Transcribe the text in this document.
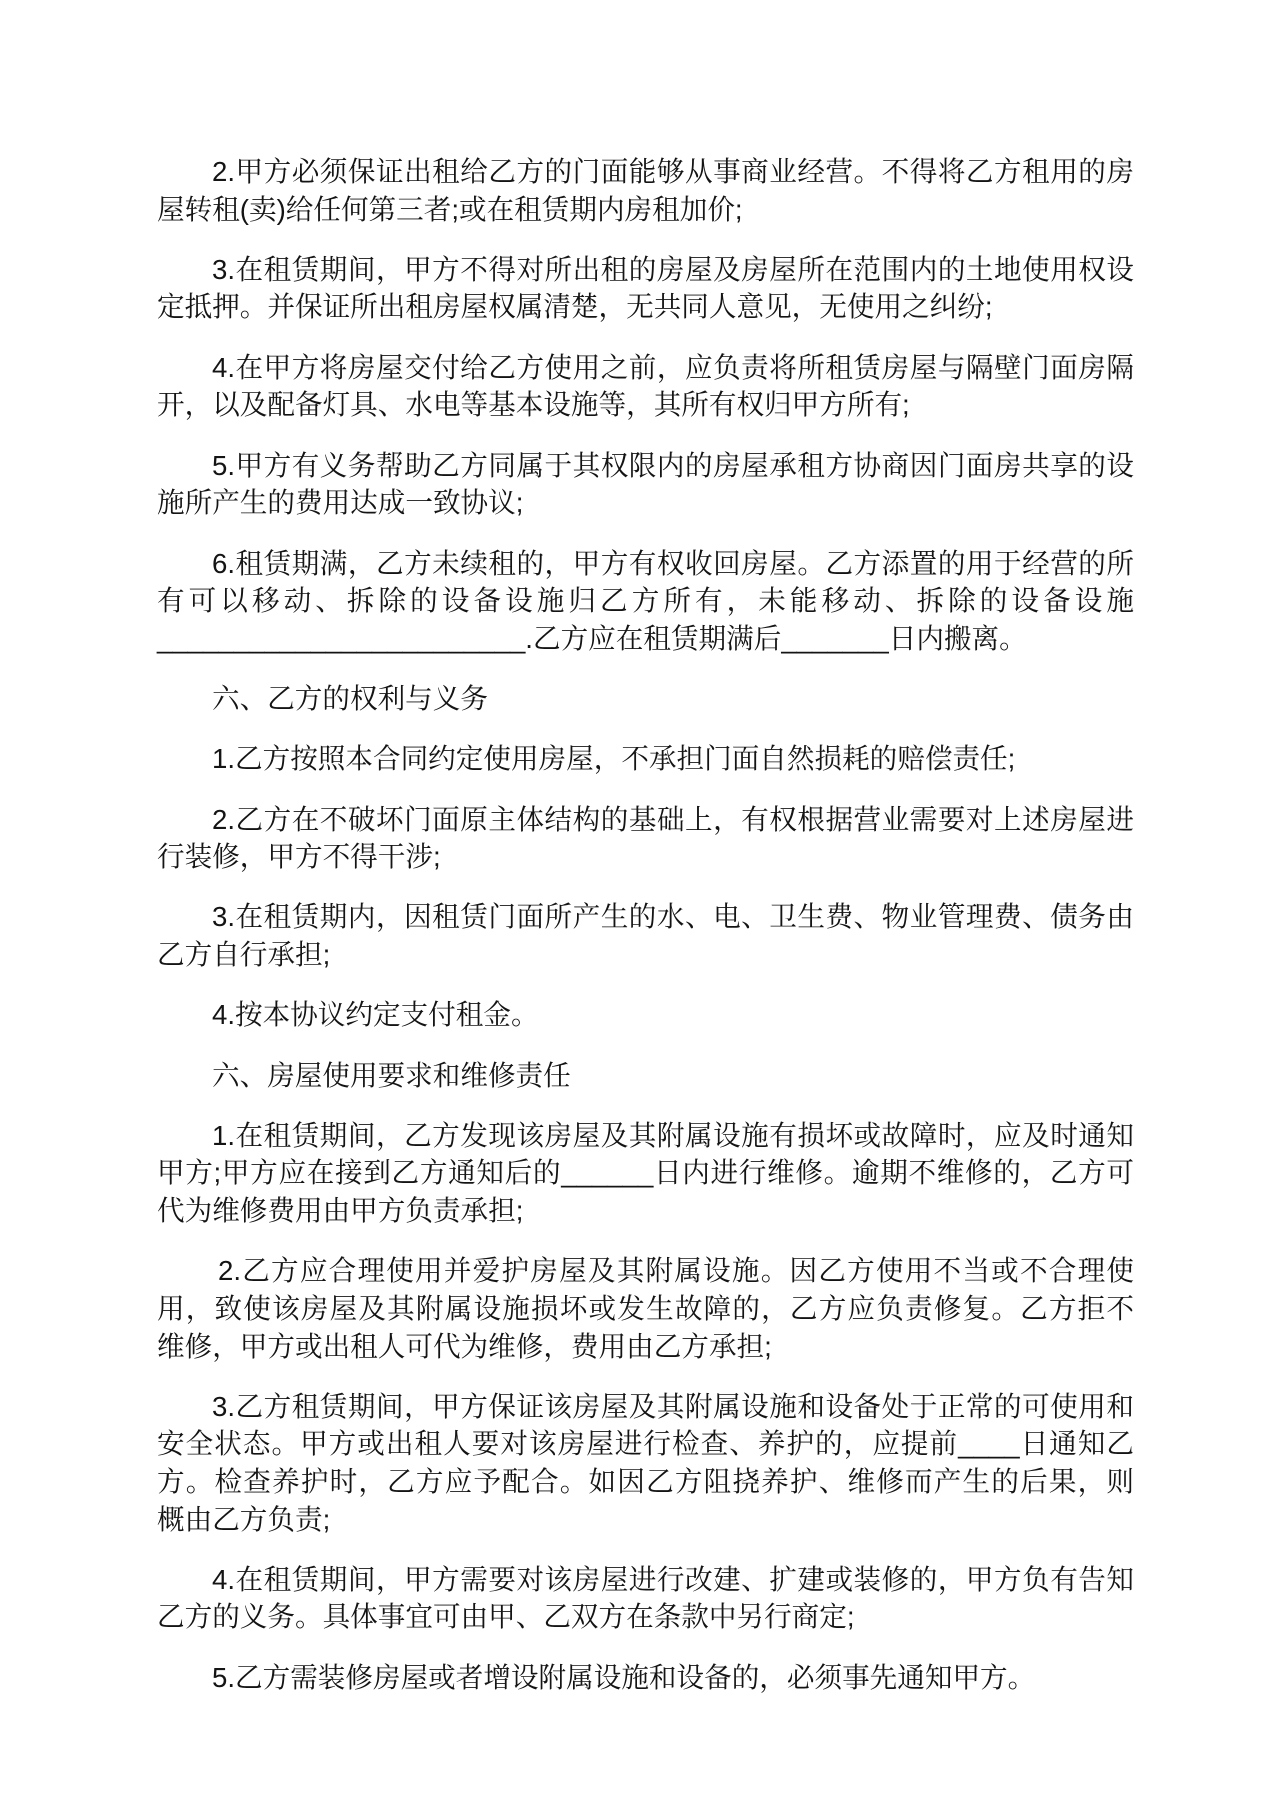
2.甲方必须保证出租给乙方的门面能够从事商业经营。不得将乙方租用的房
屋转租(卖)给任何第三者;或在租赁期内房租加价;
3.在租赁期间，甲方不得对所出租的房屋及房屋所在范围内的土地使用权设
定抵押。并保证所出租房屋权属清楚，无共同人意见，无使用之纠纷;
4.在甲方将房屋交付给乙方使用之前，应负责将所租赁房屋与隔壁门面房隔
开，以及配备灯具、水电等基本设施等，其所有权归甲方所有;
5.甲方有义务帮助乙方同属于其权限内的房屋承租方协商因门面房共享的设
施所产生的费用达成一致协议;
6.租赁期满，乙方未续租的，甲方有权收回房屋。乙方添置的用于经营的所
有可以移动、拆除的设备设施归乙方所有，未能移动、拆除的设备设施
________________________.乙方应在租赁期满后_______日内搬离。
六、乙方的权利与义务
1.乙方按照本合同约定使用房屋，不承担门面自然损耗的赔偿责任;
2.乙方在不破坏门面原主体结构的基础上，有权根据营业需要对上述房屋进
行装修，甲方不得干涉;
3.在租赁期内，因租赁门面所产生的水、电、卫生费、物业管理费、债务由
乙方自行承担;
4.按本协议约定支付租金。
六、房屋使用要求和维修责任
1.在租赁期间，乙方发现该房屋及其附属设施有损坏或故障时，应及时通知
甲方;甲方应在接到乙方通知后的______日内进行维修。逾期不维修的，乙方可
代为维修费用由甲方负责承担;
2.乙方应合理使用并爱护房屋及其附属设施。因乙方使用不当或不合理使
用，致使该房屋及其附属设施损坏或发生故障的，乙方应负责修复。乙方拒不
维修，甲方或出租人可代为维修，费用由乙方承担;
3.乙方租赁期间，甲方保证该房屋及其附属设施和设备处于正常的可使用和
安全状态。甲方或出租人要对该房屋进行检查、养护的，应提前____日通知乙
方。检查养护时，乙方应予配合。如因乙方阻挠养护、维修而产生的后果，则
概由乙方负责;
4.在租赁期间，甲方需要对该房屋进行改建、扩建或装修的，甲方负有告知
乙方的义务。具体事宜可由甲、乙双方在条款中另行商定;
5.乙方需装修房屋或者增设附属设施和设备的，必须事先通知甲方。
